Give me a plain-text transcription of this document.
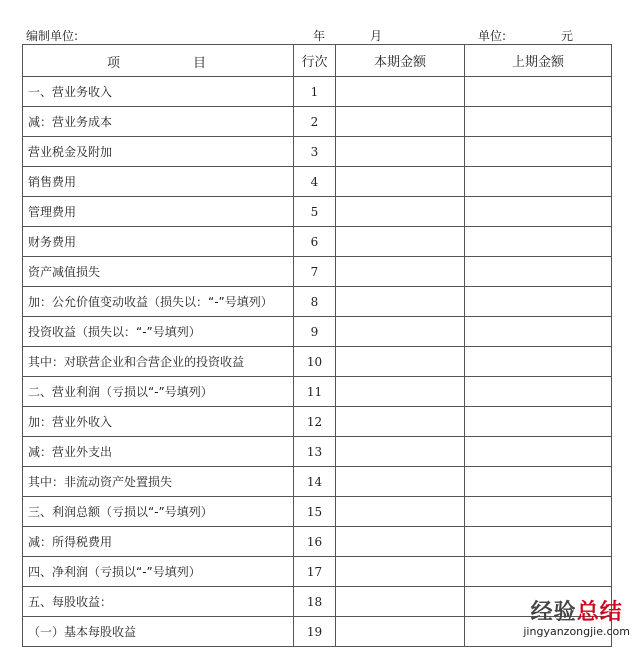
编制单位:	年	月	单位:	元
项 目	行次	本期金额	上期金额
一、营业务收入	1		
减：营业务成本	2		
营业税金及附加	3		
销售费用	4		
管理费用	5		
财务费用	6		
资产减值损失	7		
加：公允价值变动收益（损失以：“-”号填列）	8		
投资收益（损失以：“-”号填列）	9		
其中：对联营企业和合营企业的投资收益	10		
二、营业利润（亏损以“-”号填列）	11		
加：营业外收入	12		
减：营业外支出	13		
其中：非流动资产处置损失	14		
三、利润总额（亏损以“-”号填列）	15		
减：所得税费用	16		
四、净利润（亏损以“-”号填列）	17		
五、每股收益：	18		
（一）基本每股收益	19		
经验总结
jingyanzongjie.com
